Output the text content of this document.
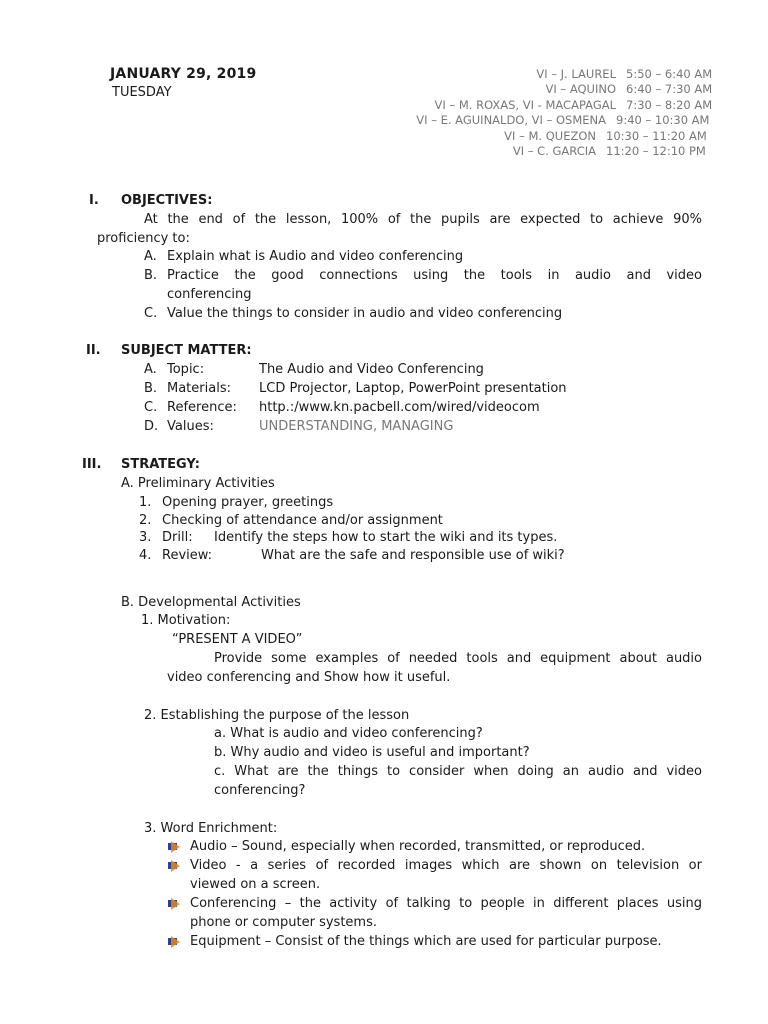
JANUARY 29, 2019
TUESDAY
VI – J. LAUREL 5:50 – 6:40 AM
VI – AQUINO 6:40 – 7:30 AM
VI – M. ROXAS, VI - MACAPAGAL 7:30 – 8:20 AM
VI – E. AGUINALDO, VI – OSMENA 9:40 – 10:30 AM
VI – M. QUEZON 10:30 – 11:20 AM
VI – C. GARCIA 11:20 – 12:10 PM
I. OBJECTIVES:
At the end of the lesson, 100% of the pupils are expected to achieve 90%
proficiency to:
A. Explain what is Audio and video conferencing
B. Practice the good connections using the tools in audio and video
conferencing
C. Value the things to consider in audio and video conferencing
II. SUBJECT MATTER:
A. Topic:	The Audio and Video Conferencing
B. Materials: LCD Projector, Laptop, PowerPoint presentation
C. Reference: http.:/www.kn.pacbell.com/wired/videocom
D. Values:	UNDERSTANDING, MANAGING
III. STRATEGY:
A. Preliminary Activities
1. Opening prayer, greetings
2. Checking of attendance and/or assignment
3. Drill: Identify the steps how to start the wiki and its types.
4. Review:	What are the safe and responsible use of wiki?
B. Developmental Activities
1. Motivation:
“PRESENT A VIDEO”
Provide some examples of needed tools and equipment about audio
video conferencing and Show how it useful.
2. Establishing the purpose of the lesson
a. What is audio and video conferencing?
b. Why audio and video is useful and important?
c. What are the things to consider when doing an audio and video
conferencing?
3. Word Enrichment:
Audio – Sound, especially when recorded, transmitted, or reproduced.
Video - a series of recorded images which are shown on television or
viewed on a screen.
Conferencing – the activity of talking to people in different places using
phone or computer systems.
Equipment – Consist of the things which are used for particular purpose.
